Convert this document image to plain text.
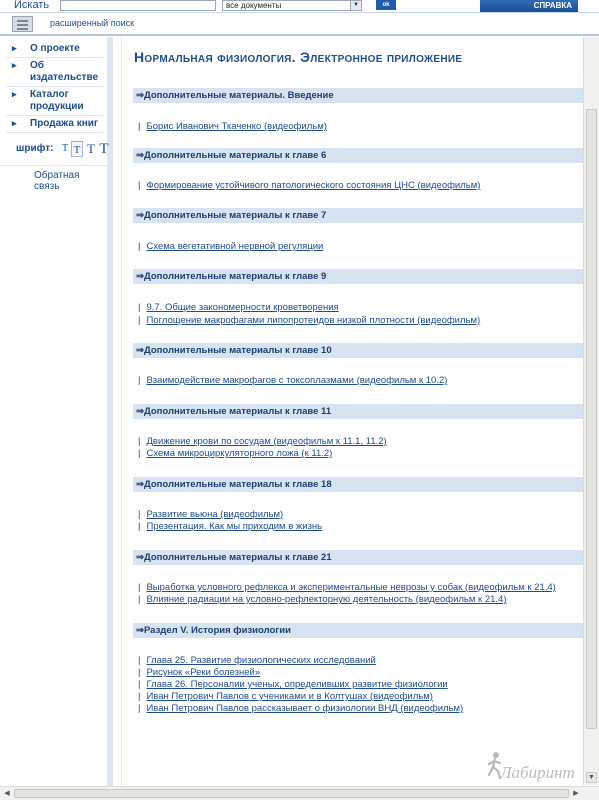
Искать	все документы	▼	ok	СПРАВКА
расширенный поиск
▸ О проекте
▸ Об издательстве
▸ Каталог продукции
▸ Продажа книг
шрифт: T T T T
Обратная связь
Нормальная физиология. Электронное приложение
⇒Дополнительные материалы. Введение
| Борис Иванович Ткаченко (видеофильм)
⇒Дополнительные материалы к главе 6
| Формирование устойчивого патологического состояния ЦНС (видеофильм)
⇒Дополнительные материалы к главе 7
| Схема вегетативной нервной регуляции
⇒Дополнительные материалы к главе 9
| 9.7. Общие закономерности кроветворения
| Поглощение макрофагами липопротеидов низкой плотности (видеофильм)
⇒Дополнительные материалы к главе 10
| Взаимодействие макрофагов с токсоплазмами (видеофильм к 10.2)
⇒Дополнительные материалы к главе 11
| Движение крови по сосудам (видеофильм к 11.1, 11.2)
| Схема микроциркуляторного ложа (к 11.2)
⇒Дополнительные материалы к главе 18
| Развитие вьюна (видеофильм)
| Презентация. Как мы приходим в жизнь
⇒Дополнительные материалы к главе 21
| Выработка условного рефлекса и экспериментальные неврозы у собак (видеофильм к 21.4)
| Влияние радиации на условно-рефлекторную деятельность (видеофильм к 21.4)
⇒Раздел V. История физиологии
| Глава 25. Развитие физиологических исследований
| Рисунок «Реки болезней»
| Глава 26. Персоналии ученых, определивших развитие физиологии
| Иван Петрович Павлов с учениками и в Колтушах (видеофильм)
| Иван Петрович Павлов рассказывает о физиологии ВНД (видеофильм)
▼
◀	▶
Лабиринт
